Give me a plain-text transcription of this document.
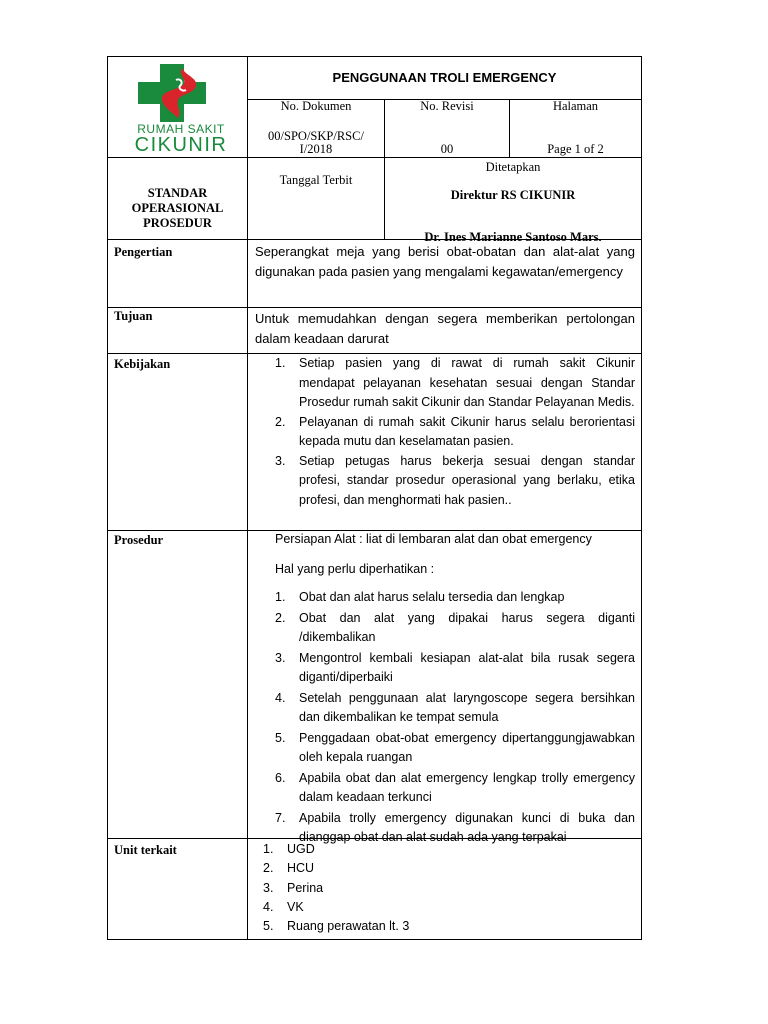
RUMAH SAKIT
CIKUNIR
PENGGUNAAN TROLI EMERGENCY
No. Dokumen
00/SPO/SKP/RSC/
I/2018
No. Revisi
00
Halaman
Page 1 of 2
STANDAR
OPERASIONAL
PROSEDUR
Tanggal Terbit
Ditetapkan
Direktur RS CIKUNIR
Dr. Ines Marianne Santoso Mars.
Pengertian	Seperangkat meja yang berisi obat-obatan dan alat-alat yang digunakan pada pasien yang mengalami kegawatan/emergency
Tujuan	Untuk memudahkan dengan segera memberikan pertolongan dalam keadaan darurat
Kebijakan	1. Setiap pasien yang di rawat di rumah sakit Cikunir mendapat pelayanan kesehatan sesuai dengan Standar Prosedur rumah sakit Cikunir dan Standar Pelayanan Medis.
2. Pelayanan di rumah sakit Cikunir harus selalu berorientasi kepada mutu dan keselamatan pasien.
3. Setiap petugas harus bekerja sesuai dengan standar profesi, standar prosedur operasional yang berlaku, etika profesi, dan menghormati hak pasien..
Prosedur	Persiapan Alat : liat di lembaran alat dan obat emergency
Hal yang perlu diperhatikan :
1. Obat dan alat harus selalu tersedia dan lengkap
2. Obat dan alat yang dipakai harus segera diganti /dikembalikan
3. Mengontrol kembali kesiapan alat-alat bila rusak segera diganti/diperbaiki
4. Setelah penggunaan alat laryngoscope segera bersihkan dan dikembalikan ke tempat semula
5. Penggadaan obat-obat emergency dipertanggungjawabkan oleh kepala ruangan
6. Apabila obat dan alat emergency lengkap trolly emergency dalam keadaan terkunci
7. Apabila trolly emergency digunakan kunci di buka dan dianggap obat dan alat sudah ada yang terpakai
Unit terkait	1. UGD
2. HCU
3. Perina
4. VK
5. Ruang perawatan lt. 3
